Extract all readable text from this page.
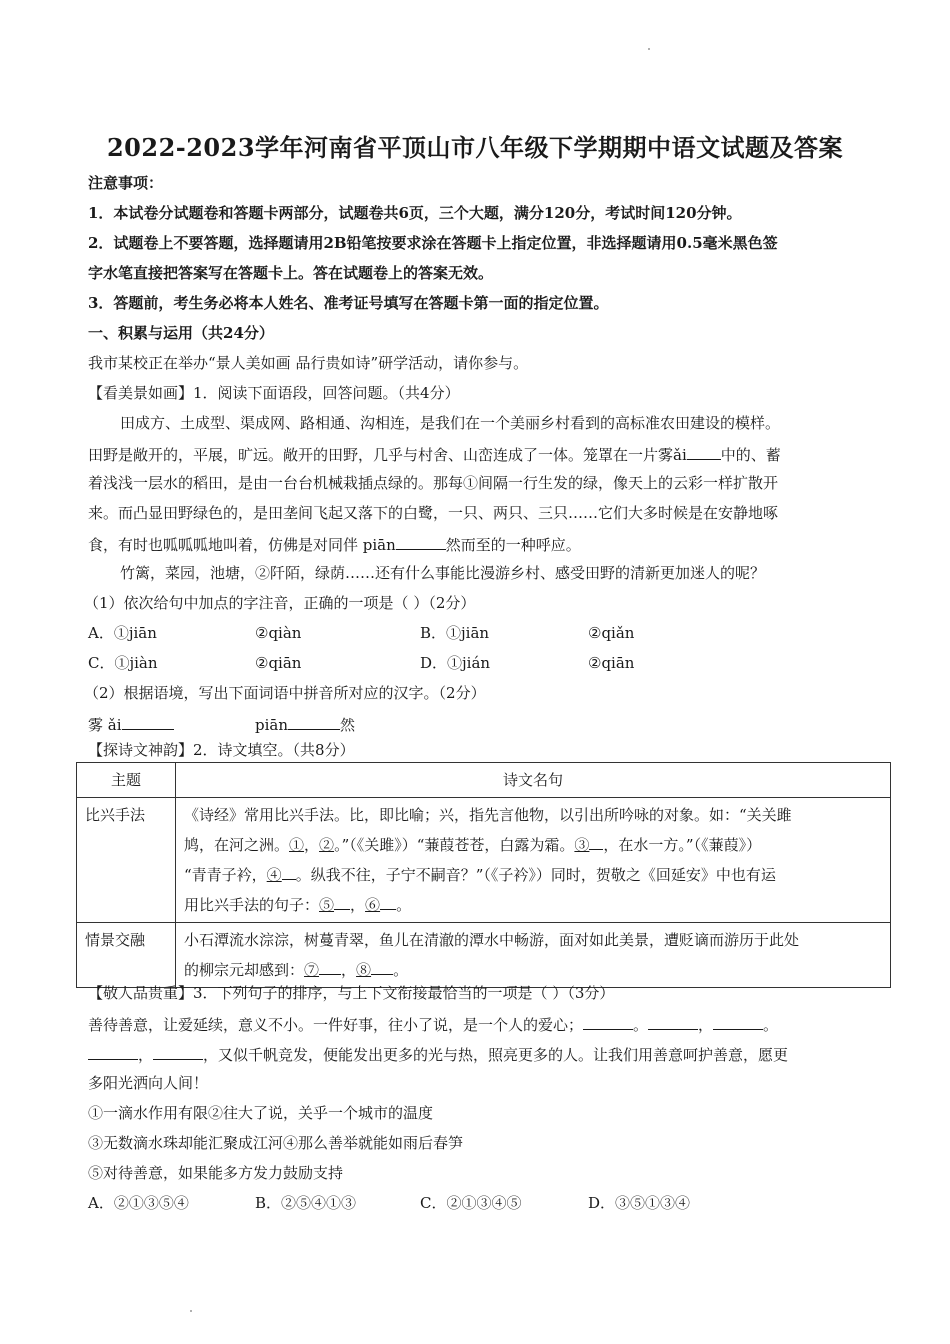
2022-2023学年河南省平顶山市八年级下学期期中语文试题及答案
注意事项：
1．本试卷分试题卷和答题卡两部分，试题卷共6页，三个大题，满分120分，考试时间120分钟。
2．试题卷上不要答题，选择题请用2B铅笔按要求涂在答题卡上指定位置，非选择题请用0.5毫米黑色签
字水笔直接把答案写在答题卡上。答在试题卷上的答案无效。
3．答题前，考生务必将本人姓名、准考证号填写在答题卡第一面的指定位置。
一、积累与运用（共24分）
我市某校正在举办“景人美如画 品行贵如诗”研学活动，请你参与。
【看美景如画】1．阅读下面语段，回答问题。（共4分）
田成方、土成型、渠成网、路相通、沟相连，是我们在一个美丽乡村看到的高标准农田建设的模样。
田野是敞开的，平展，旷远。敞开的田野，几乎与村舍、山峦连成了一体。笼罩在一片雾ǎi 中的、蓄
着浅浅一层水的稻田，是由一台台机械栽插点绿的。那每①间隔一行生发的绿，像天上的云彩一样扩散开
来。而凸显田野绿色的，是田垄间飞起又落下的白鹭，一只、两只、三只……它们大多时候是在安静地啄
食，有时也呱呱呱地叫着，仿佛是对同伴 piān	然而至的一种呼应。
竹篱，菜园，池塘，②阡陌，绿荫……还有什么事能比漫游乡村、感受田野的清新更加迷人的呢？
（1）依次给句中加点的字注音，正确的一项是（ ）（2分）
A．①jiān	②qiàn	B．①jiān	②qiǎn
C．①jiàn	②qiān	D．①jián	②qiān
（2）根据语境，写出下面词语中拼音所对应的汉字。（2分）
雾 ǎi	piān	然
【探诗文神韵】2．诗文填空。（共8分）
主题	诗文名句
比兴手法	《诗经》常用比兴手法。比，即比喻；兴，指先言他物，以引出所吟咏的对象。如：“关关雎
鸠，在河之洲。①，②。”（《关雎》）“蒹葭苍苍，白露为霜。③ ，在水一方。”（《蒹葭》）
“青青子衿，④ 。纵我不往，子宁不嗣音？”（《子衿》）同时，贺敬之《回延安》中也有运
用比兴手法的句子：⑤ ，⑥ 。
情景交融	小石潭流水淙淙，树蔓青翠，鱼儿在清澈的潭水中畅游，面对如此美景，遭贬谪而游历于此处
的柳宗元却感到：⑦ ，⑧ 。
【敬人品贵重】3．下列句子的排序，与上下文衔接最恰当的一项是（ ）（3分）
善待善意，让爱延续，意义不小。一件好事，往小了说，是一个人的爱心；	。	，	。
，	，又似千帆竞发，便能发出更多的光与热，照亮更多的人。让我们用善意呵护善意，愿更
多阳光洒向人间！
①一滴水作用有限②往大了说，关乎一个城市的温度
③无数滴水珠却能汇聚成江河④那么善举就能如雨后春笋
⑤对待善意，如果能多方发力鼓励支持
A．②①③⑤④	B．②⑤④①③	C．②①③④⑤	D．③⑤①③④
